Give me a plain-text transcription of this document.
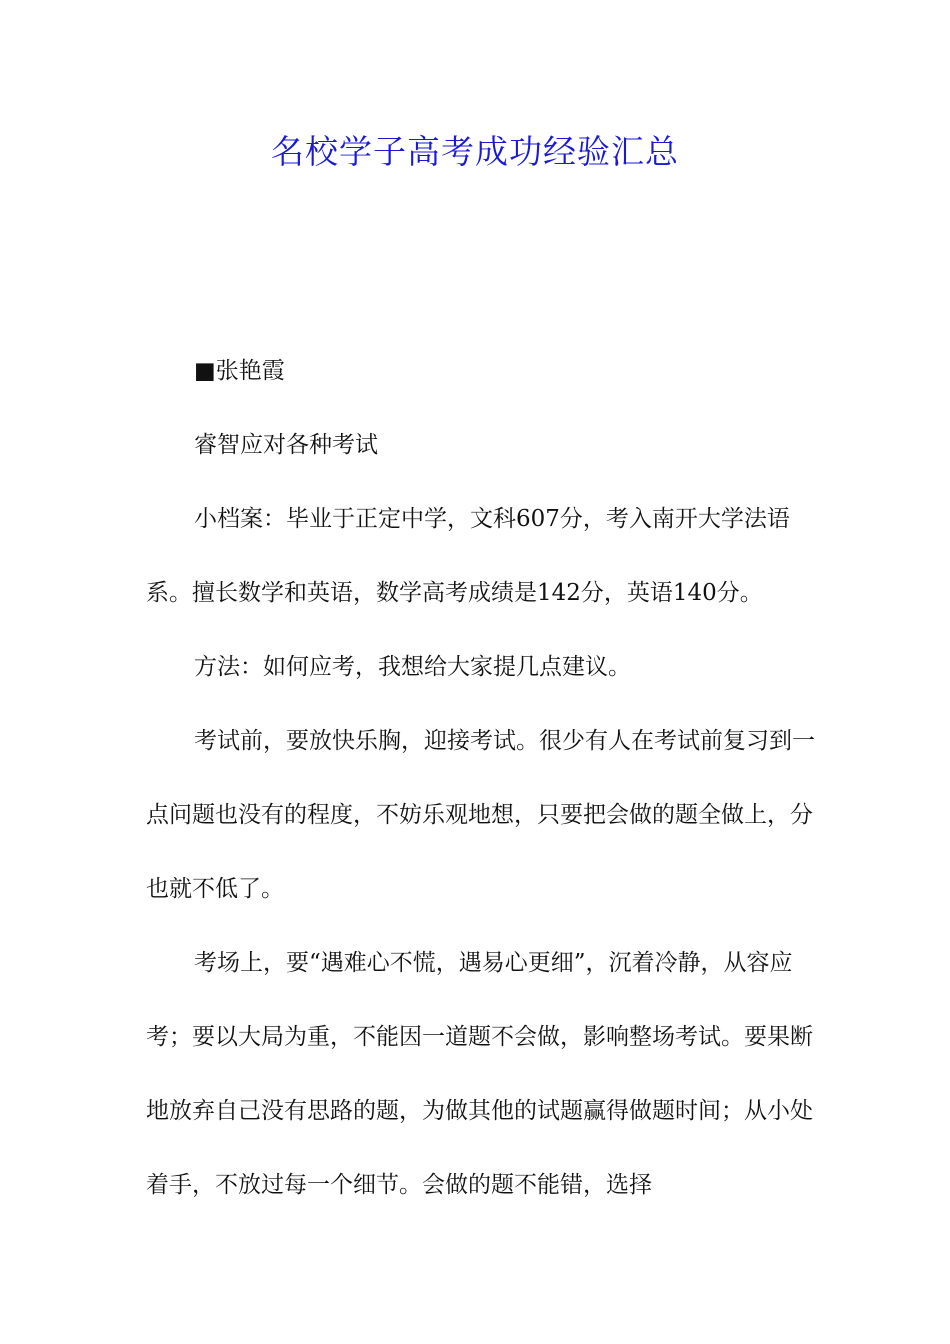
名校学子高考成功经验汇总

■张艳霞

睿智应对各种考试

小档案：毕业于正定中学，文科607分，考入南开大学法语系。擅长数学和英语，数学高考成绩是142分，英语140分。

方法：如何应考，我想给大家提几点建议。

考试前，要放快乐胸，迎接考试。很少有人在考试前复习到一点问题也没有的程度，不妨乐观地想，只要把会做的题全做上，分也就不低了。

考场上，要“遇难心不慌，遇易心更细”，沉着冷静，从容应考；要以大局为重，不能因一道题不会做，影响整场考试。要果断地放弃自己没有思路的题，为做其他的试题赢得做题时间；从小处着手，不放过每一个细节。会做的题不能错，选择
